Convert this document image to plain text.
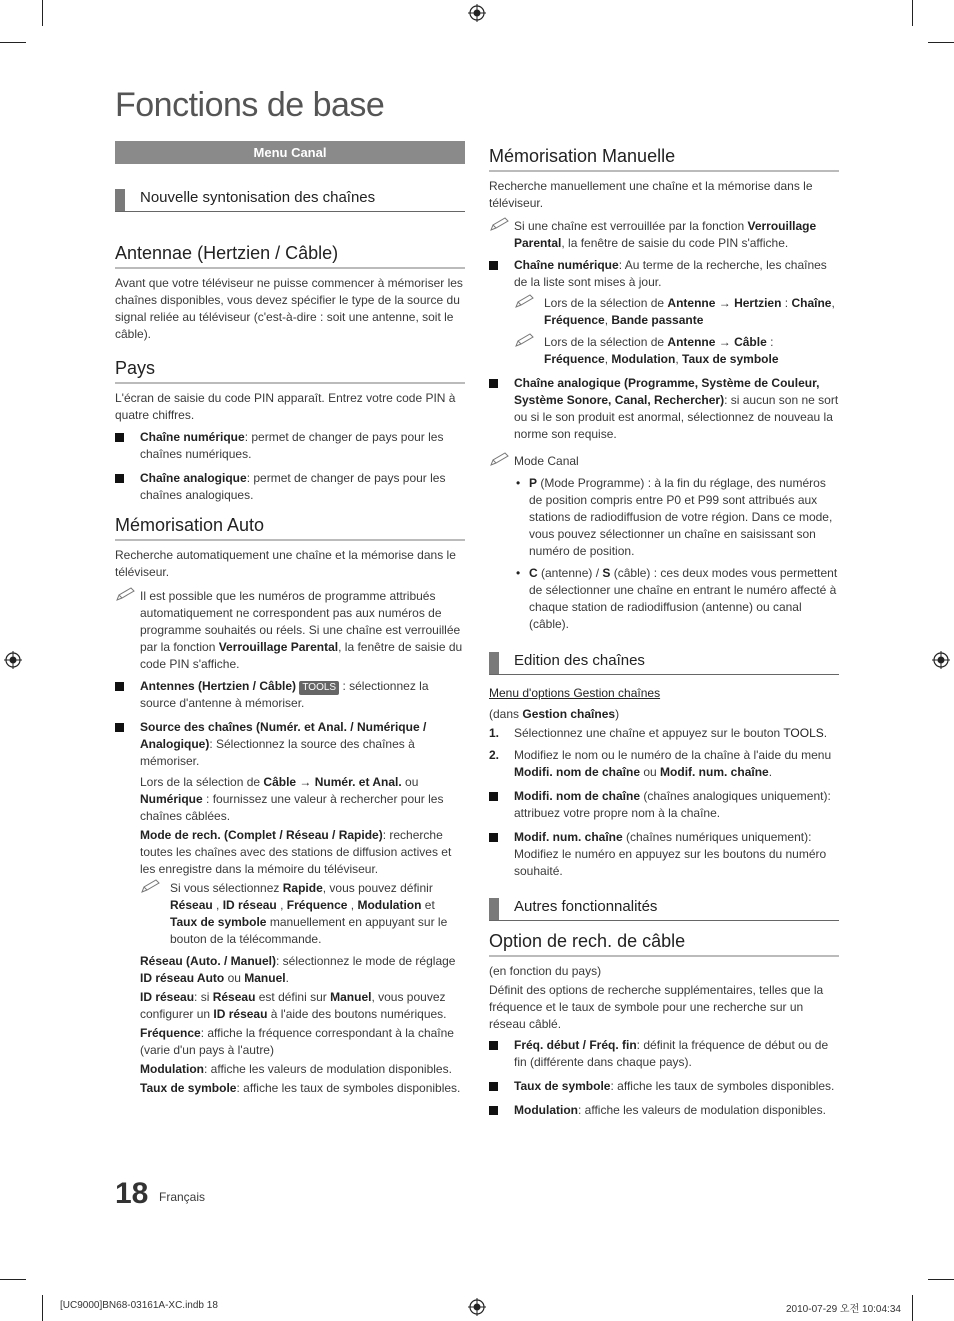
Fonctions de base
Menu Canal
Nouvelle syntonisation des chaînes
Antennae (Hertzien / Câble)

Avant que votre téléviseur ne puisse commencer à mémoriser les chaînes disponibles, vous devez spécifier le type de la source du signal reliée au téléviseur (c'est-à-dire : soit une antenne, soit le câble).

Pays

L'écran de saisie du code PIN apparaît. Entrez votre code PIN à quatre chiffres.

Chaîne numérique: permet de changer de pays pour les chaînes numériques.
Chaîne analogique: permet de changer de pays pour les chaînes analogiques.
Mémorisation Auto

Recherche automatiquement une chaîne et la mémorise dans le téléviseur.

Il est possible que les numéros de programme attribués automatiquement ne correspondent pas aux numéros de programme souhaités ou réels. Si une chaîne est verrouillée par la fonction Verrouillage Parental, la fenêtre de saisie du code PIN s'affiche.
Antennes (Hertzien / Câble) TOOLS : sélectionnez la source d'antenne à mémoriser.
Source des chaînes (Numér. et Anal. / Numérique / Analogique): Sélectionnez la source des chaînes à mémoriser.

Lors de la sélection de Câble → Numér. et Anal. ou Numérique : fournissez une valeur à rechercher pour les chaînes câblées.

Mode de rech. (Complet / Réseau / Rapide): recherche toutes les chaînes avec des stations de diffusion actives et les enregistre dans la mémoire du téléviseur.

Si vous sélectionnez Rapide, vous pouvez définir Réseau , ID réseau , Fréquence , Modulation et Taux de symbole manuellement en appuyant sur le bouton de la télécommande.

Réseau (Auto. / Manuel): sélectionnez le mode de réglage ID réseau Auto ou Manuel.

ID réseau: si Réseau est défini sur Manuel, vous pouvez configurer un ID réseau à l'aide des boutons numériques.

Fréquence: affiche la fréquence correspondant à la chaîne (varie d'un pays à l'autre)

Modulation: affiche les valeurs de modulation disponibles.

Taux de symbole: affiche les taux de symboles disponibles.

Mémorisation Manuelle

Recherche manuellement une chaîne et la mémorise dans le téléviseur.

Si une chaîne est verrouillée par la fonction Verrouillage Parental, la fenêtre de saisie du code PIN s'affiche.
Chaîne numérique: Au terme de la recherche, les chaînes de la liste sont mises à jour.
Lors de la sélection de Antenne → Hertzien : Chaîne, Fréquence, Bande passante
Lors de la sélection de Antenne → Câble : Fréquence, Modulation, Taux de symbole
Chaîne analogique (Programme, Système de Couleur, Système Sonore, Canal, Rechercher): si aucun son ne sort ou si le son produit est anormal, sélectionnez de nouveau la norme son requise.
Mode Canal
• P (Mode Programme) : à la fin du réglage, des numéros de position compris entre P0 et P99 sont attribués aux stations de radiodiffusion de votre région. Dans ce mode, vous pouvez sélectionner un chaîne en saisissant son numéro de position.
• C (antenne) / S (câble) : ces deux modes vous permettent de sélectionner une chaîne en entrant le numéro affecté à chaque station de radiodiffusion (antenne) ou canal (câble).
Edition des chaînes

Menu d'options Gestion chaînes

(dans Gestion chaînes)

1. Sélectionnez une chaîne et appuyez sur le bouton TOOLS.
2. Modifiez le nom ou le numéro de la chaîne à l'aide du menu Modifi. nom de chaîne ou Modif. num. chaîne.
Modifi. nom de chaîne (chaînes analogiques uniquement): attribuez votre propre nom à la chaîne.
Modif. num. chaîne (chaînes numériques uniquement): Modifiez le numéro en appuyez sur les boutons du numéro souhaité.
Autres fonctionnalités
Option de rech. de câble

(en fonction du pays)

Définit des options de recherche supplémentaires, telles que la fréquence et le taux de symbole pour une recherche sur un réseau câblé.

Fréq. début / Fréq. fin: définit la fréquence de début ou de fin (différente dans chaque pays).
Taux de symbole: affiche les taux de symboles disponibles.
Modulation: affiche les valeurs de modulation disponibles.
18 Français
[UC9000]BN68-03161A-XC.indb 18	2010-07-29 오전 10:04:34
